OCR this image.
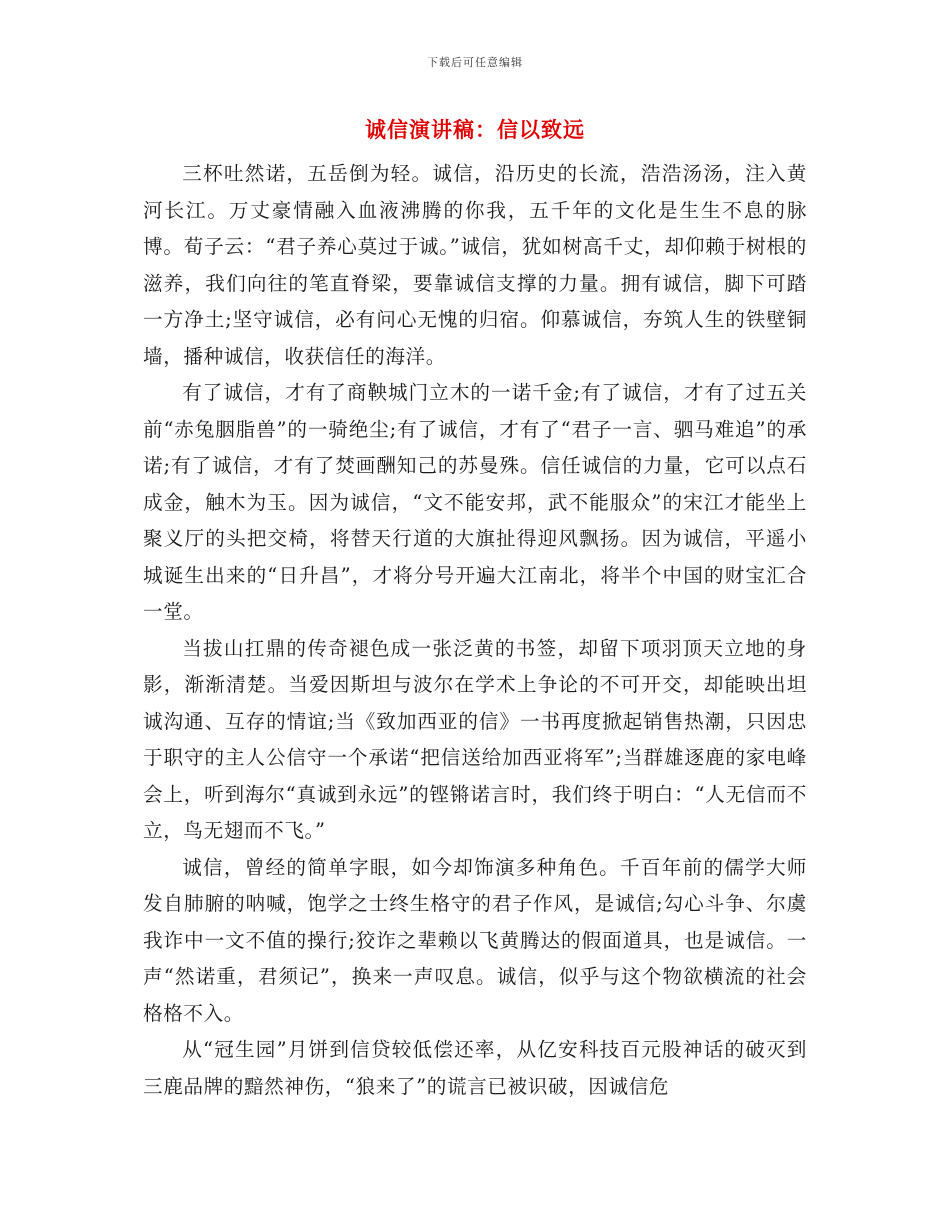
下载后可任意编辑
诚信演讲稿：信以致远

三杯吐然诺，五岳倒为轻。诚信，沿历史的长流，浩浩汤汤，注入黄河长江。万丈豪情融入血液沸腾的你我，五千年的文化是生生不息的脉博。荀子云：“君子养心莫过于诚。”诚信，犹如树高千丈，却仰赖于树根的滋养，我们向往的笔直脊梁，要靠诚信支撑的力量。拥有诚信，脚下可踏一方净土;坚守诚信，必有问心无愧的归宿。仰慕诚信，夯筑人生的铁壁铜墙，播种诚信，收获信任的海洋。

有了诚信，才有了商鞅城门立木的一诺千金;有了诚信，才有了过五关前“赤兔胭脂兽”的一骑绝尘;有了诚信，才有了“君子一言、驷马难追”的承诺;有了诚信，才有了焚画酬知己的苏曼殊。信任诚信的力量，它可以点石成金，触木为玉。因为诚信，“文不能安邦，武不能服众”的宋江才能坐上聚义厅的头把交椅，将替天行道的大旗扯得迎风飘扬。因为诚信，平遥小城诞生出来的“日升昌”，才将分号开遍大江南北，将半个中国的财宝汇合一堂。

当拔山扛鼎的传奇褪色成一张泛黄的书签，却留下项羽顶天立地的身影，渐渐清楚。当爱因斯坦与波尔在学术上争论的不可开交，却能映出坦诚沟通、互存的情谊;当《致加西亚的信》一书再度掀起销售热潮，只因忠于职守的主人公信守一个承诺“把信送给加西亚将军”;当群雄逐鹿的家电峰会上，听到海尔“真诚到永远”的铿锵诺言时，我们终于明白：“人无信而不立，鸟无翅而不飞。”

诚信，曾经的简单字眼，如今却饰演多种角色。千百年前的儒学大师发自肺腑的呐喊，饱学之士终生格守的君子作风，是诚信;勾心斗争、尔虞我诈中一文不值的操行;狡诈之辈赖以飞黄腾达的假面道具，也是诚信。一声“然诺重，君须记”，换来一声叹息。诚信，似乎与这个物欲横流的社会格格不入。

从“冠生园”月饼到信贷较低偿还率，从亿安科技百元股神话的破灭到三鹿品牌的黯然神伤，“狼来了”的谎言已被识破，因诚信危
